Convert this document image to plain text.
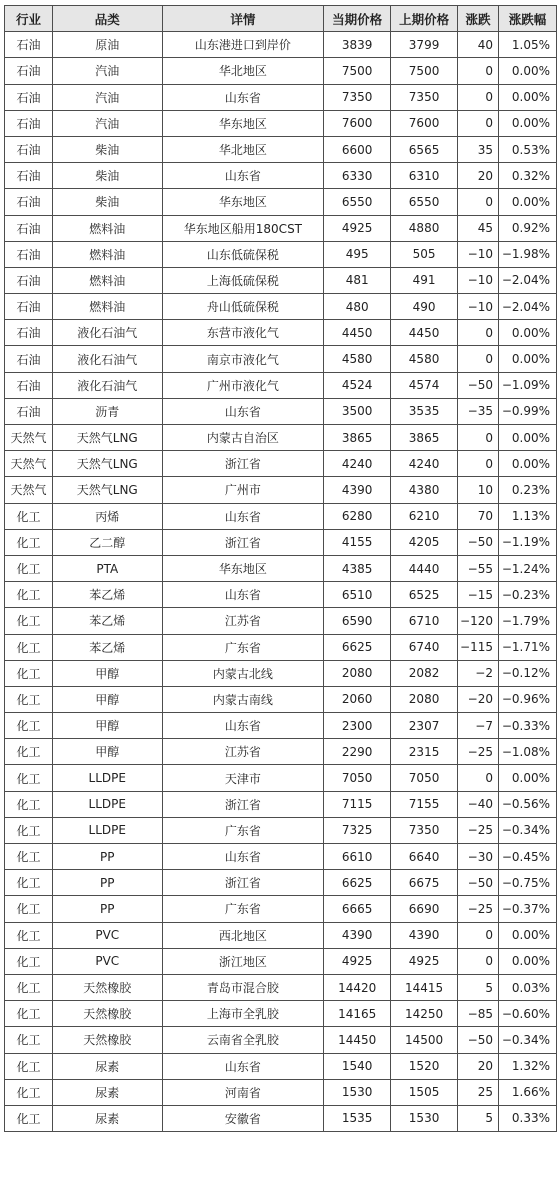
行业	品类	详情	当期价格	上期价格	涨跌	涨跌幅
石油	原油	山东港进口到岸价	3839	3799	40	1.05%
石油	汽油	华北地区	7500	7500	0	0.00%
石油	汽油	山东省	7350	7350	0	0.00%
石油	汽油	华东地区	7600	7600	0	0.00%
石油	柴油	华北地区	6600	6565	35	0.53%
石油	柴油	山东省	6330	6310	20	0.32%
石油	柴油	华东地区	6550	6550	0	0.00%
石油	燃料油	华东地区船用180CST	4925	4880	45	0.92%
石油	燃料油	山东低硫保税	495	505	−10	−1.98%
石油	燃料油	上海低硫保税	481	491	−10	−2.04%
石油	燃料油	舟山低硫保税	480	490	−10	−2.04%
石油	液化石油气	东营市液化气	4450	4450	0	0.00%
石油	液化石油气	南京市液化气	4580	4580	0	0.00%
石油	液化石油气	广州市液化气	4524	4574	−50	−1.09%
石油	沥青	山东省	3500	3535	−35	−0.99%
天然气	天然气LNG	内蒙古自治区	3865	3865	0	0.00%
天然气	天然气LNG	浙江省	4240	4240	0	0.00%
天然气	天然气LNG	广州市	4390	4380	10	0.23%
化工	丙烯	山东省	6280	6210	70	1.13%
化工	乙二醇	浙江省	4155	4205	−50	−1.19%
化工	PTA	华东地区	4385	4440	−55	−1.24%
化工	苯乙烯	山东省	6510	6525	−15	−0.23%
化工	苯乙烯	江苏省	6590	6710	−120	−1.79%
化工	苯乙烯	广东省	6625	6740	−115	−1.71%
化工	甲醇	内蒙古北线	2080	2082	−2	−0.12%
化工	甲醇	内蒙古南线	2060	2080	−20	−0.96%
化工	甲醇	山东省	2300	2307	−7	−0.33%
化工	甲醇	江苏省	2290	2315	−25	−1.08%
化工	LLDPE	天津市	7050	7050	0	0.00%
化工	LLDPE	浙江省	7115	7155	−40	−0.56%
化工	LLDPE	广东省	7325	7350	−25	−0.34%
化工	PP	山东省	6610	6640	−30	−0.45%
化工	PP	浙江省	6625	6675	−50	−0.75%
化工	PP	广东省	6665	6690	−25	−0.37%
化工	PVC	西北地区	4390	4390	0	0.00%
化工	PVC	浙江地区	4925	4925	0	0.00%
化工	天然橡胶	青岛市混合胶	14420	14415	5	0.03%
化工	天然橡胶	上海市全乳胶	14165	14250	−85	−0.60%
化工	天然橡胶	云南省全乳胶	14450	14500	−50	−0.34%
化工	尿素	山东省	1540	1520	20	1.32%
化工	尿素	河南省	1530	1505	25	1.66%
化工	尿素	安徽省	1535	1530	5	0.33%
